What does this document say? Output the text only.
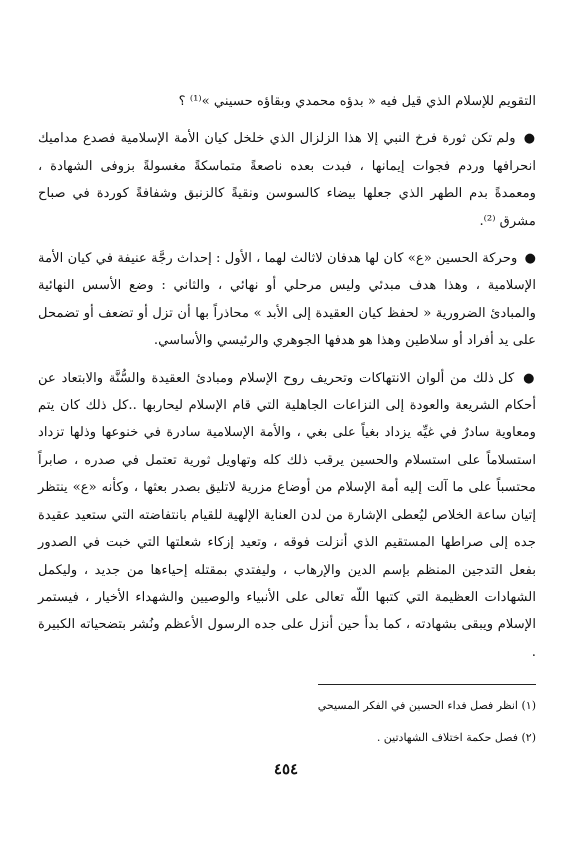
التقويم للإسلام الذي قيل فيه « بدؤه محمدي وبقاؤه حسيني »⁽¹⁾ ؟

● ولم تكن ثورة فرخ النبي إلا هذا الزلزال الذي خلخل كيان الأمة الإسلامية فصدع مداميك انحرافها وردم فجوات إيمانها ، فبدت بعده ناصعةً متماسكةً مغسولةً بزوفى الشهادة ، ومعمدةً بدم الطهر الذي جعلها بيضاء كالسوسن ونقيةً كالزنبق وشفافةً كوردة في صباح مشرق ⁽²⁾.

● وحركة الحسين «ع» كان لها هدفان لاثالث لهما ، الأول : إحداث رجَّة عنيفة في كيان الأمة الإسلامية ، وهذا هدف مبدئي وليس مرحلي أو نهائي ، والثاني : وضع الأسس النهائية والمبادئ الضرورية « لحفظ كيان العقيدة إلى الأبد » محاذراً بها أن تزل أو تضعف أو تضمحل على يد أفراد أو سلاطين وهذا هو هدفها الجوهري والرئيسي والأساسي.

● كل ذلك من ألوان الانتهاكات وتحريف روح الإسلام ومبادئ العقيدة والسُّنَّة والابتعاد عن أحكام الشريعة والعودة إلى النزاعات الجاهلية التي قام الإسلام ليحاربها ..كل ذلك كان يتم ومعاوية سادرٌ في غيِّه يزداد بغياً على بغي ، والأمة الإسلامية سادرة في خنوعها وذلها تزداد استسلاماً على استسلام والحسين يرقب ذلك كله وتهاويل ثورية تعتمل في صدره ، صابراً محتسباً على ما آلت إليه أمة الإسلام من أوضاع مزرية لاتليق بصدر بعثها ، وكأنه «ع» ينتظر إتيان ساعة الخلاص ليُعطى الإشارة من لدن العناية الإلهية للقيام بانتفاضته التي ستعيد عقيدة جده إلى صراطها المستقيم الذي أنزلت فوقه ، وتعيد إزكاء شعلتها التي خبت في الصدور بفعل التدجين المنظم بإسم الدين والإرهاب ، وليفتدي بمقتله إحياءها من جديد ، وليكمل الشهادات العظيمة التي كتبها اللّه تعالى على الأنبياء والوصيين والشهداء الأخيار ، فيستمر الإسلام ويبقى بشهادته ، كما بدأ حين أنزل على جده الرسول الأعظم ونُشر بتضحياته الكبيرة .

(١) انظر فصل فداء الحسين في الفكر المسيحي
(٢) فصل حكمة اختلاف الشهادتين .
٤٥٤
